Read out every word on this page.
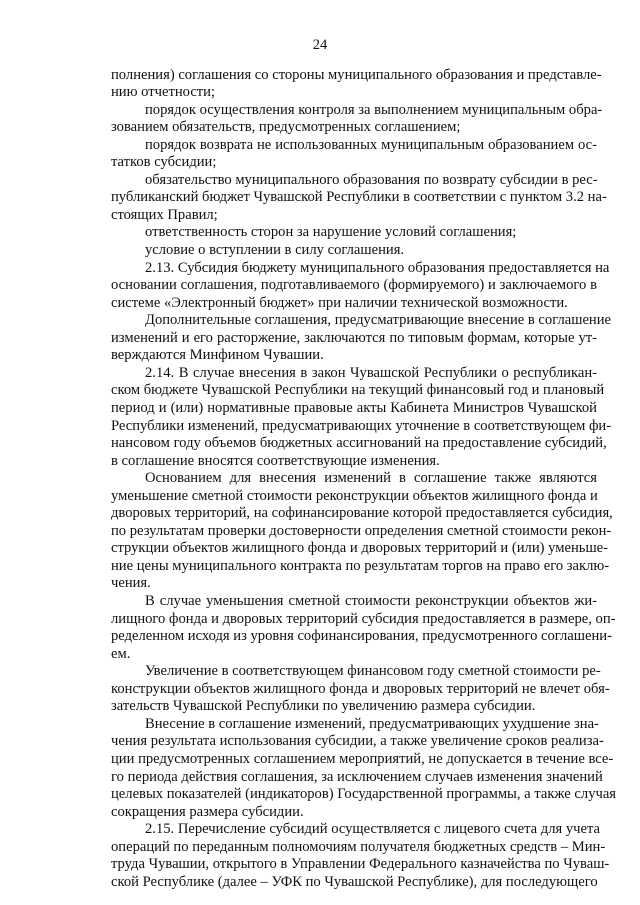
24
полнения) соглашения со стороны муниципального образования и представле-
нию отчетности;
порядок осуществления контроля за выполнением муниципальным обра-
зованием обязательств, предусмотренных соглашением;
порядок возврата не использованных муниципальным образованием ос-
татков субсидии;
обязательство муниципального образования по возврату субсидии в рес-
публиканский бюджет Чувашской Республики в соответствии с пунктом 3.2 на-
стоящих Правил;
ответственность сторон за нарушение условий соглашения;
условие о вступлении в силу соглашения.
2.13. Субсидия бюджету муниципального образования предоставляется на
основании соглашения, подготавливаемого (формируемого) и заключаемого в
системе «Электронный бюджет» при наличии технической возможности.
Дополнительные соглашения, предусматривающие внесение в соглашение
изменений и его расторжение, заключаются по типовым формам, которые ут-
верждаются Минфином Чувашии.
2.14. В случае внесения в закон Чувашской Республики о республикан-
ском бюджете Чувашской Республики на текущий финансовый год и плановый
период и (или) нормативные правовые акты Кабинета Министров Чувашской
Республики изменений, предусматривающих уточнение в соответствующем фи-
нансовом году объемов бюджетных ассигнований на предоставление субсидий,
в соглашение вносятся соответствующие изменения.
Основанием для внесения изменений в соглашение также являются
уменьшение сметной стоимости реконструкции объектов жилищного фонда и
дворовых территорий, на софинансирование которой предоставляется субсидия,
по результатам проверки достоверности определения сметной стоимости рекон-
струкции объектов жилищного фонда и дворовых территорий и (или) уменьше-
ние цены муниципального контракта по результатам торгов на право его заклю-
чения.
В случае уменьшения сметной стоимости реконструкции объектов жи-
лищного фонда и дворовых территорий субсидия предоставляется в размере, оп-
ределенном исходя из уровня софинансирования, предусмотренного соглашени-
ем.
Увеличение в соответствующем финансовом году сметной стоимости ре-
конструкции объектов жилищного фонда и дворовых территорий не влечет обя-
зательств Чувашской Республики по увеличению размера субсидии.
Внесение в соглашение изменений, предусматривающих ухудшение зна-
чения результата использования субсидии, а также увеличение сроков реализа-
ции предусмотренных соглашением мероприятий, не допускается в течение все-
го периода действия соглашения, за исключением случаев изменения значений
целевых показателей (индикаторов) Государственной программы, а также случая
сокращения размера субсидии.
2.15. Перечисление субсидий осуществляется с лицевого счета для учета
операций по переданным полномочиям получателя бюджетных средств – Мин-
труда Чувашии, открытого в Управлении Федерального казначейства по Чуваш-
ской Республике (далее – УФК по Чувашской Республике), для последующего
